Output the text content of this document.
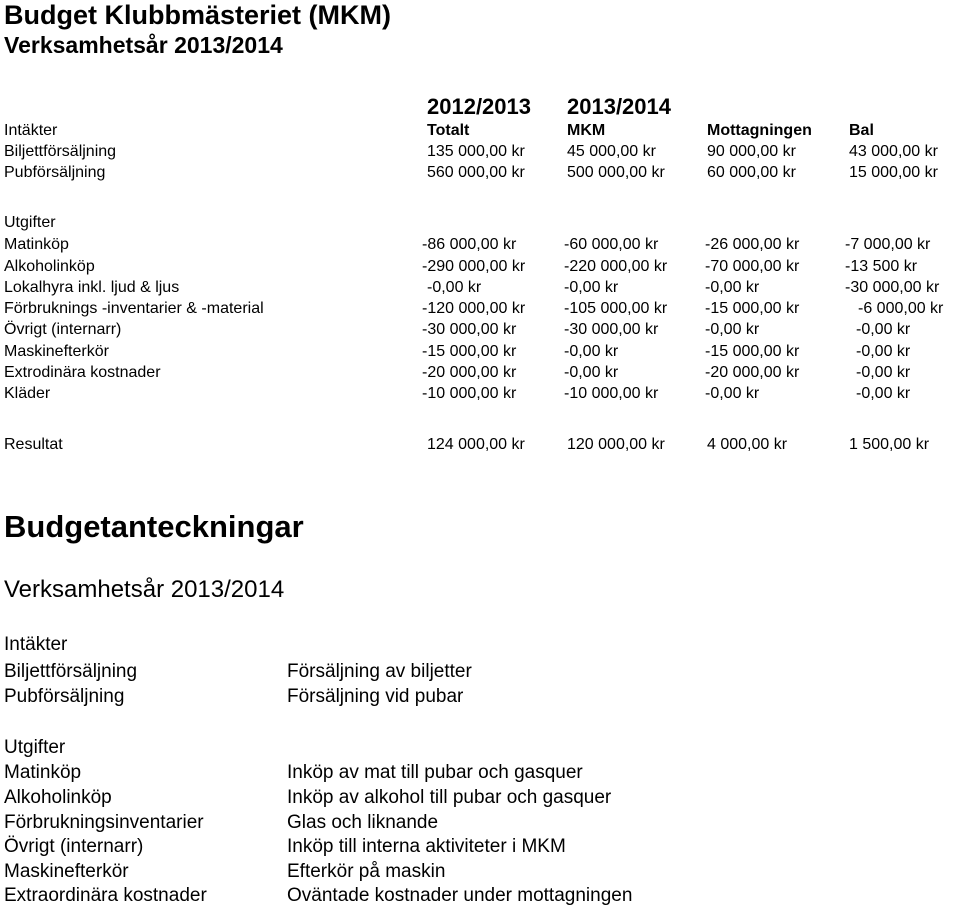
Budget Klubbmästeriet (MKM)
Verksamhetsår 2013/2014
2012/2013 2013/2014
Intäkter	Totalt	MKM	Mottagningen Bal
Biljettförsäljning	135 000,00 kr	45 000,00 kr	90 000,00 kr	43 000,00 kr
Pubförsäljning	560 000,00 kr	500 000,00 kr	60 000,00 kr	15 000,00 kr
Utgifter
Matinköp	-86 000,00 kr	-60 000,00 kr	-26 000,00 kr	-7 000,00 kr
Alkoholinköp	-290 000,00 kr -220 000,00 kr -70 000,00 kr	-13 500 kr
Lokalhyra inkl. ljud & ljus	-0,00 kr	-0,00 kr	-0,00 kr	-30 000,00 kr
Förbruknings -inventarier & -material	-120 000,00 kr -105 000,00 kr -15 000,00 kr	-6 000,00 kr
Övrigt (internarr)	-30 000,00 kr	-30 000,00 kr	-0,00 kr	-0,00 kr
Maskinefterkör	-15 000,00 kr	-0,00 kr	-15 000,00 kr	-0,00 kr
Extrodinära kostnader	-20 000,00 kr	-0,00 kr	-20 000,00 kr	-0,00 kr
Kläder	-10 000,00 kr	-10 000,00 kr	-0,00 kr	-0,00 kr
Resultat	124 000,00 kr	120 000,00 kr	4 000,00 kr	1 500,00 kr
Budgetanteckningar
Verksamhetsår 2013/2014
Intäkter
Biljettförsäljning	Försäljning av biljetter
Pubförsäljning	Försäljning vid pubar
Utgifter
Matinköp	Inköp av mat till pubar och gasquer
Alkoholinköp	Inköp av alkohol till pubar och gasquer
Förbrukningsinventarier	Glas och liknande
Övrigt (internarr)	Inköp till interna aktiviteter i MKM
Maskinefterkör	Efterkör på maskin
Extraordinära kostnader	Oväntade kostnader under mottagningen
